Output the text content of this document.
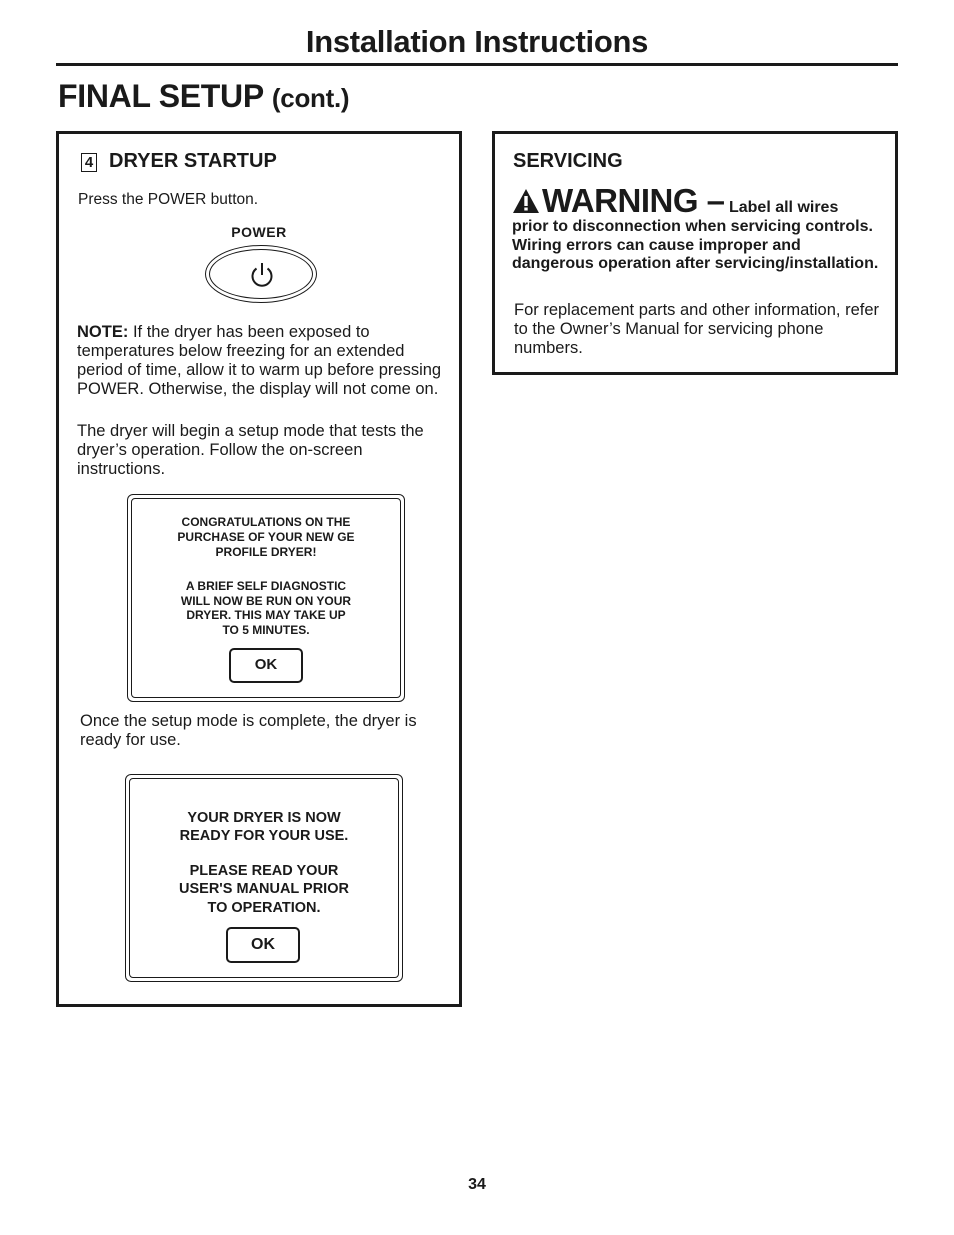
Installation Instructions
FINAL SETUP (cont.)
4 DRYER STARTUP
Press the POWER button.
POWER
NOTE: If the dryer has been exposed to temperatures below freezing for an extended period of time, allow it to warm up before pressing POWER. Otherwise, the display will not come on.
The dryer will begin a setup mode that tests the dryer’s operation. Follow the on-screen instructions.
CONGRATULATIONS ON THE
PURCHASE OF YOUR NEW GE
PROFILE DRYER!
A BRIEF SELF DIAGNOSTIC
WILL NOW BE RUN ON YOUR
DRYER. THIS MAY TAKE UP
TO 5 MINUTES.
OK
Once the setup mode is complete, the dryer is ready for use.
YOUR DRYER IS NOW
READY FOR YOUR USE.
PLEASE READ YOUR
USER'S MANUAL PRIOR
TO OPERATION.
OK
SERVICING
WARNING – Label all wires
prior to disconnection when servicing controls. Wiring errors can cause improper and dangerous operation after servicing/installation.
For replacement parts and other information, refer to the Owner’s Manual for servicing phone numbers.
34
